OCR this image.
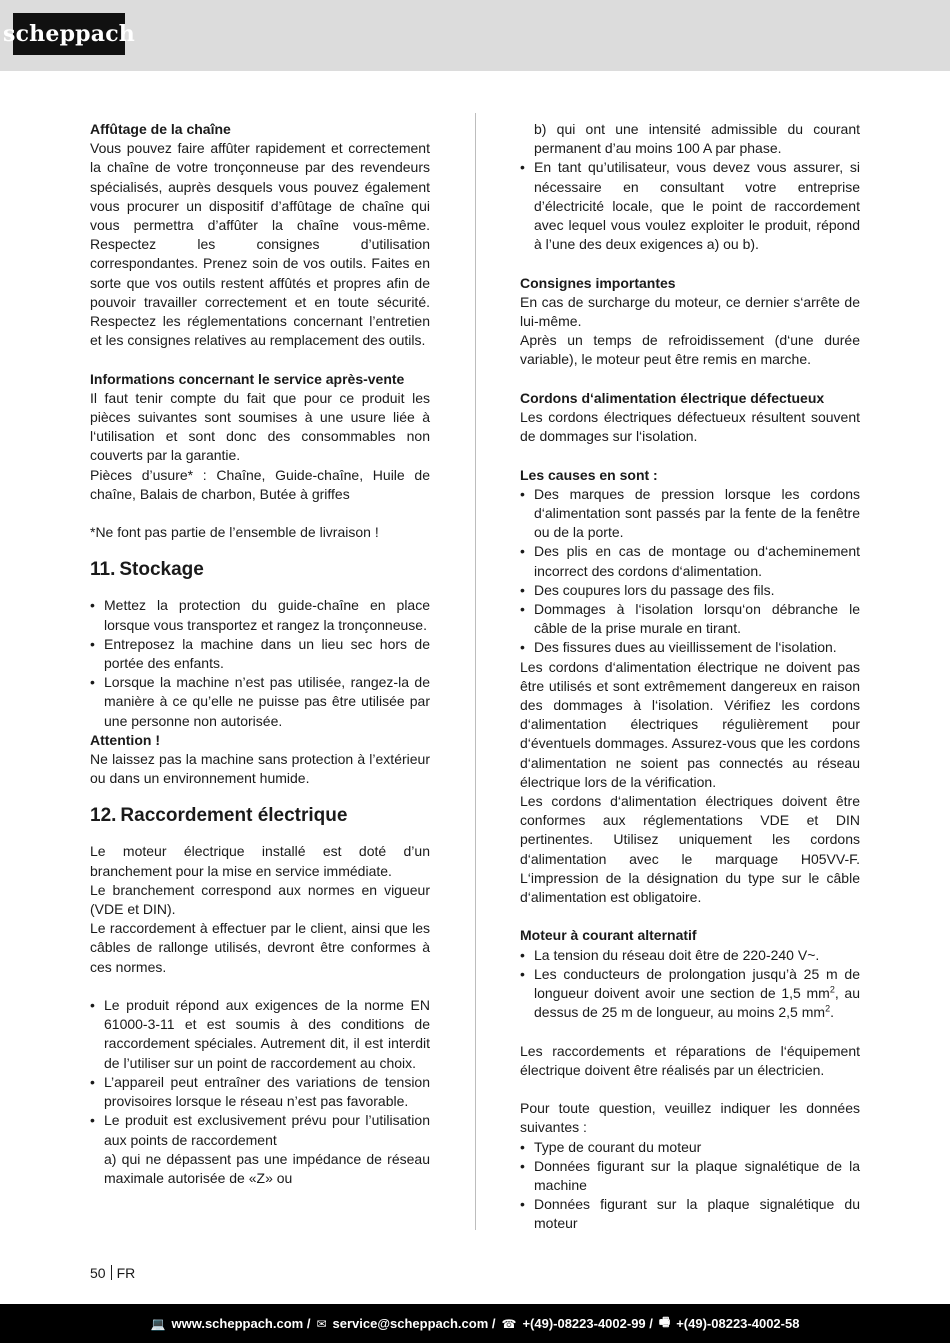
scheppach
Affûtage de la chaîne

Vous pouvez faire affûter rapidement et correctement la chaîne de votre tronçonneuse par des revendeurs spécialisés, auprès desquels vous pouvez également vous procurer un dispositif d’affûtage de chaîne qui vous permettra d’affûter la chaîne vous-même. Respectez les consignes d’utilisation correspondantes. Prenez soin de vos outils. Faites en sorte que vos outils restent affûtés et propres afin de pouvoir travailler correctement et en toute sécurité. Respectez les réglementations concernant l’entretien et les consignes relatives au remplacement des outils.

Informations concernant le service après-vente

Il faut tenir compte du fait que pour ce produit les pièces suivantes sont soumises à une usure liée à l‘utilisation et sont donc des consommables non couverts par la garantie.

Pièces d’usure* : Chaîne, Guide-chaîne, Huile de chaîne, Balais de charbon, Butée à griffes

*Ne font pas partie de l’ensemble de livraison !

11. Stockage
• Mettez la protection du guide-chaîne en place lorsque vous transportez et rangez la tronçonneuse.
• Entreposez la machine dans un lieu sec hors de portée des enfants.
• Lorsque la machine n’est pas utilisée, rangez-la de manière à ce qu’elle ne puisse pas être utilisée par une personne non autorisée.
Attention !

Ne laissez pas la machine sans protection à l’extérieur ou dans un environnement humide.

12. Raccordement électrique

Le moteur électrique installé est doté d’un branchement pour la mise en service immédiate.

Le branchement correspond aux normes en vigueur (VDE et DIN).

Le raccordement à effectuer par le client, ainsi que les câbles de rallonge utilisés, devront être conformes à ces normes.

• Le produit répond aux exigences de la norme EN 61000-3-11 et est soumis à des conditions de raccordement spéciales. Autrement dit, il est interdit de l’utiliser sur un point de raccordement au choix.
• L’appareil peut entraîner des variations de tension provisoires lorsque le réseau n’est pas favorable.
• Le produit est exclusivement prévu pour l’utilisation aux points de raccordement

a) qui ne dépassent pas une impédance de réseau maximale autorisée de «Z» ou

b) qui ont une intensité admissible du courant permanent d’au moins 100 A par phase.

• En tant qu’utilisateur, vous devez vous assurer, si nécessaire en consultant votre entreprise d’électricité locale, que le point de raccordement avec lequel vous voulez exploiter le produit, répond à l’une des deux exigences a) ou b).
Consignes importantes

En cas de surcharge du moteur, ce dernier s‘arrête de lui-même.

Après un temps de refroidissement (d‘une durée variable), le moteur peut être remis en marche.

Cordons d‘alimentation électrique défectueux

Les cordons électriques défectueux résultent souvent de dommages sur l‘isolation.

Les causes en sont :
• Des marques de pression lorsque les cordons d‘alimentation sont passés par la fente de la fenêtre ou de la porte.
• Des plis en cas de montage ou d‘acheminement incorrect des cordons d‘alimentation.
• Des coupures lors du passage des fils.
• Dommages à l‘isolation lorsqu‘on débranche le câble de la prise murale en tirant.
• Des fissures dues au vieillissement de l‘isolation.

Les cordons d‘alimentation électrique ne doivent pas être utilisés et sont extrêmement dangereux en raison des dommages à l‘isolation. Vérifiez les cordons d‘alimentation électriques régulièrement pour d‘éventuels dommages. Assurez-vous que les cordons d‘alimentation ne soient pas connectés au réseau électrique lors de la vérification.

Les cordons d‘alimentation électriques doivent être conformes aux réglementations VDE et DIN pertinentes. Utilisez uniquement les cordons d‘alimentation avec le marquage H05VV-F. L‘impression de la désignation du type sur le câble d‘alimentation est obligatoire.

Moteur à courant alternatif
• La tension du réseau doit être de 220-240 V~.
• Les conducteurs de prolongation jusqu’à 25 m de longueur doivent avoir une section de 1,5 $mm^2$, au dessus de 25 m de longueur, au moins 2,5 $mm^2$.

Les raccordements et réparations de l‘équipement électrique doivent être réalisés par un électricien.

Pour toute question, veuillez indiquer les données suivantes :

• Type de courant du moteur
• Données figurant sur la plaque signalétique de la machine
• Données figurant sur la plaque signalétique du moteur
50 FR
💻 www.scheppach.com / ✉ service@scheppach.com / ☎ +(49)-08223-4002-99 / 🖷 +(49)-08223-4002-58
